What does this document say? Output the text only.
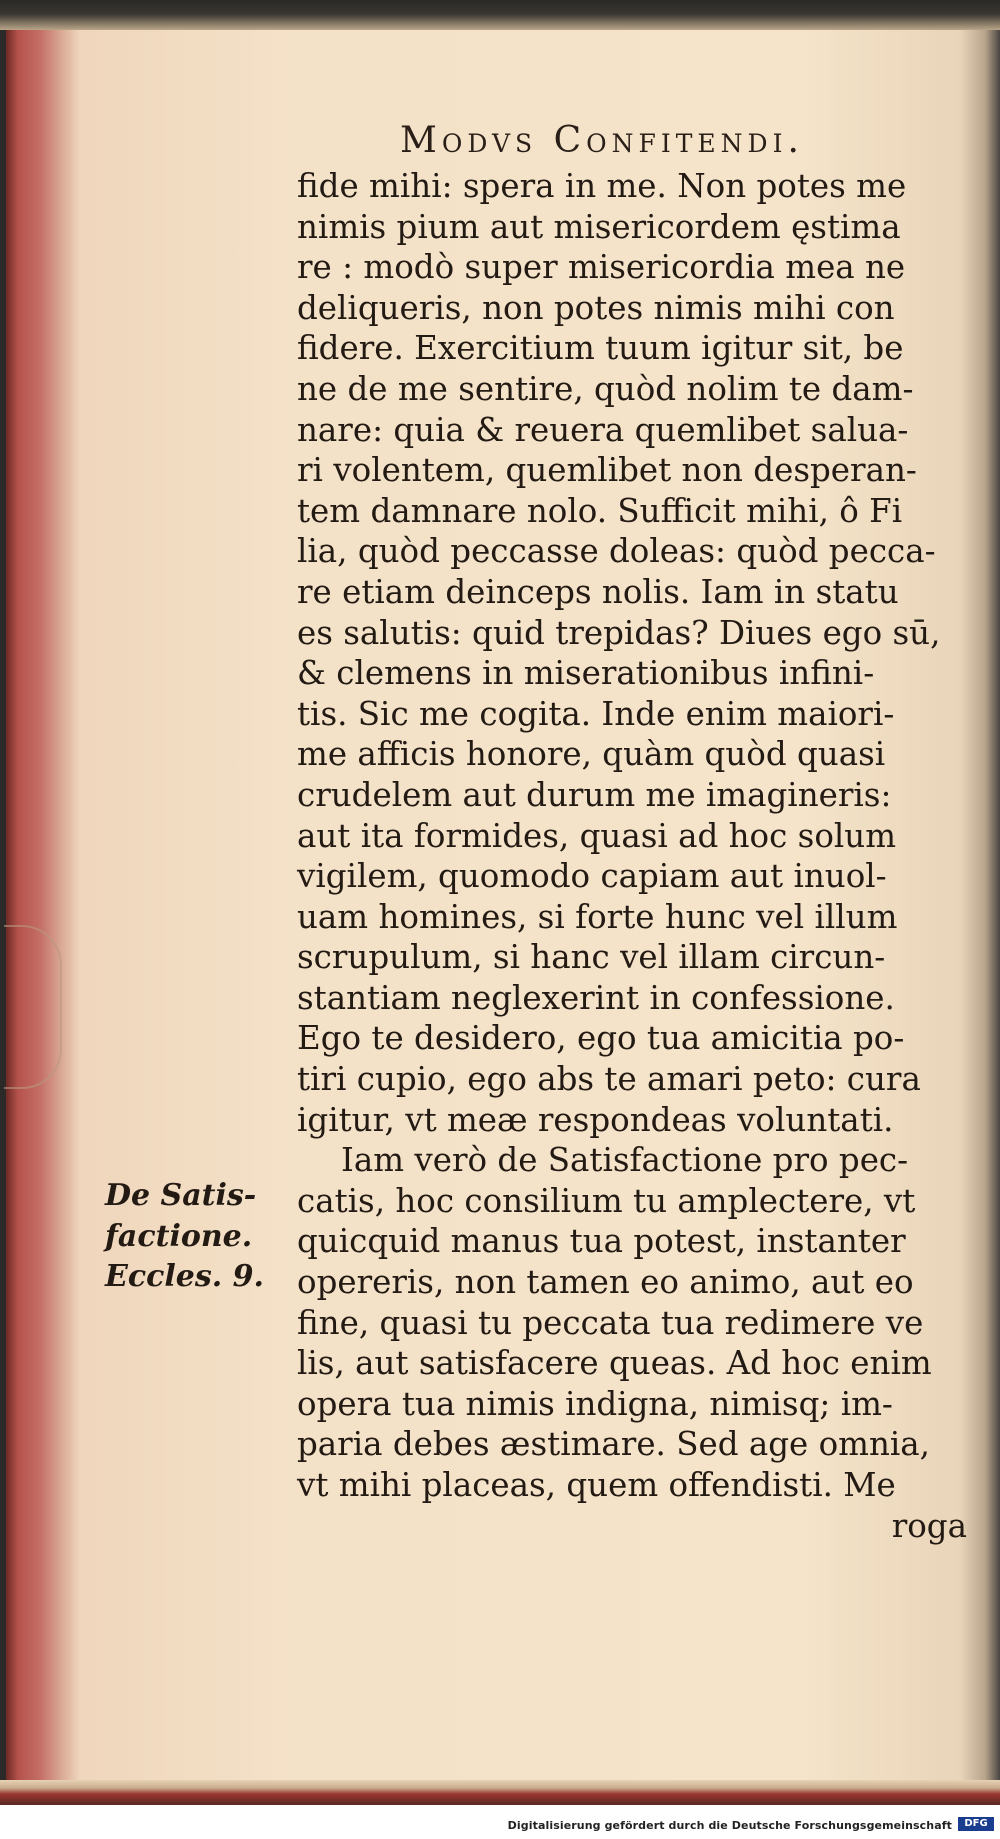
Modvs Confitendi.
De Satis-
factione.
Eccles. 9.
fide mihi: spera in me. Non potes me
nimis pium aut misericordem ęstima
re : modò super misericordia mea ne
deliqueris, non potes nimis mihi con
fidere. Exercitium tuum igitur sit, be
ne de me sentire, quòd nolim te dam-
nare: quia & reuera quemlibet salua-
ri volentem, quemlibet non desperan-
tem damnare nolo. Sufficit mihi, ô Fi
lia, quòd peccasse doleas: quòd pecca-
re etiam deinceps nolis. Iam in statu
es salutis: quid trepidas? Diues ego sū,
& clemens in miserationibus infini-
tis. Sic me cogita. Inde enim maiori-
me afficis honore, quàm quòd quasi
crudelem aut durum me imagineris:
aut ita formides, quasi ad hoc solum
vigilem, quomodo capiam aut inuol-
uam homines, si forte hunc vel illum
scrupulum, si hanc vel illam circun-
stantiam neglexerint in confessione.
Ego te desidero, ego tua amicitia po-
tiri cupio, ego abs te amari peto: cura
igitur, vt meæ respondeas voluntati.
Iam verò de Satisfactione pro pec-
catis, hoc consilium tu amplectere, vt
quicquid manus tua potest, instanter
opereris, non tamen eo animo, aut eo
fine, quasi tu peccata tua redimere ve
lis, aut satisfacere queas. Ad hoc enim
opera tua nimis indigna, nimisq; im-
paria debes æstimare. Sed age omnia,
vt mihi placeas, quem offendisti. Me
roga
Digitalisierung gefördert durch die Deutsche Forschungsgemeinschaft	DFG
